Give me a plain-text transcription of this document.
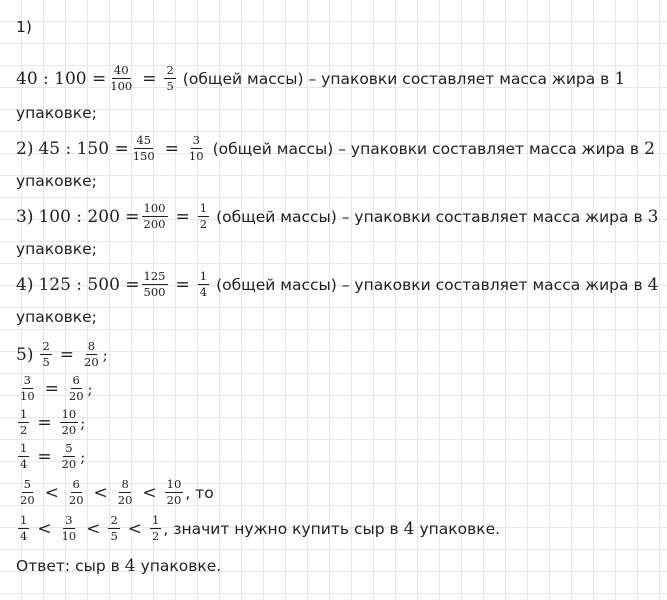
1)
40 : $100 = \frac{40}{100} = \frac{2}{5}$ (общей массы) – упаковки составляет масса жира в 1
упаковке;
2) 45 : $150 = \frac{45}{150} = \frac{3}{10}$ (общей массы) – упаковки составляет масса жира в 2
упаковке;
3) 100 : $200 = \frac{100}{200} = \frac{1}{2}$ (общей массы) – упаковки составляет масса жира в 3
упаковке;
4) 125 : $500 = \frac{125}{500} = \frac{1}{4}$ (общей массы) – упаковки составляет масса жира в 4
упаковке;
$5) \frac{2}{5} = \frac{8}{20}$ ;
$\frac{3}{10} = \frac{6}{20}$ ;
$\frac{1}{2} = \frac{10}{20}$ ;
$\frac{1}{4} = \frac{5}{20}$ ;
$\frac{5}{20} < \frac{6}{20} < \frac{8}{20} < \frac{10}{20}$ , то
$\frac{1}{4} < \frac{3}{10} < \frac{2}{5} < \frac{1}{2}$ , значит нужно купить сыр в 4 упаковке.
Ответ: сыр в 4 упаковке.
